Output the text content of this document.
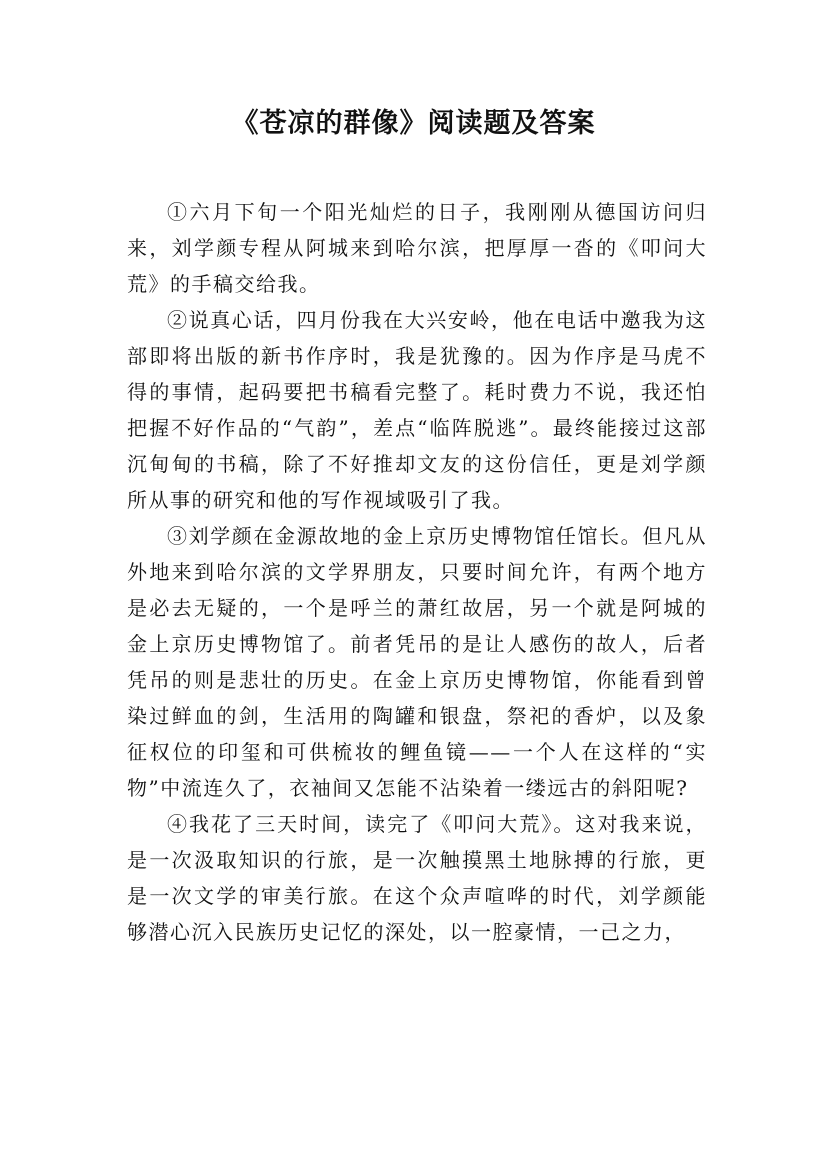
《苍凉的群像》阅读题及答案

①六月下旬一个阳光灿烂的日子，我刚刚从德国访问归来，刘学颜专程从阿城来到哈尔滨，把厚厚一沓的《叩问大荒》的手稿交给我。

②说真心话，四月份我在大兴安岭，他在电话中邀我为这部即将出版的新书作序时，我是犹豫的。因为作序是马虎不得的事情，起码要把书稿看完整了。耗时费力不说，我还怕把握不好作品的“气韵”，差点“临阵脱逃”。最终能接过这部沉甸甸的书稿，除了不好推却文友的这份信任，更是刘学颜所从事的研究和他的写作视域吸引了我。

③刘学颜在金源故地的金上京历史博物馆任馆长。但凡从外地来到哈尔滨的文学界朋友，只要时间允许，有两个地方是必去无疑的，一个是呼兰的萧红故居，另一个就是阿城的金上京历史博物馆了。前者凭吊的是让人感伤的故人，后者凭吊的则是悲壮的历史。在金上京历史博物馆，你能看到曾染过鲜血的剑，生活用的陶罐和银盘，祭祀的香炉，以及象征权位的印玺和可供梳妆的鲤鱼镜——一个人在这样的“实物”中流连久了，衣袖间又怎能不沾染着一缕远古的斜阳呢?

④我花了三天时间，读完了《叩问大荒》。这对我来说，是一次汲取知识的行旅，是一次触摸黑土地脉搏的行旅，更是一次文学的审美行旅。在这个众声喧哗的时代，刘学颜能够潜心沉入民族历史记忆的深处，以一腔豪情，一己之力，
